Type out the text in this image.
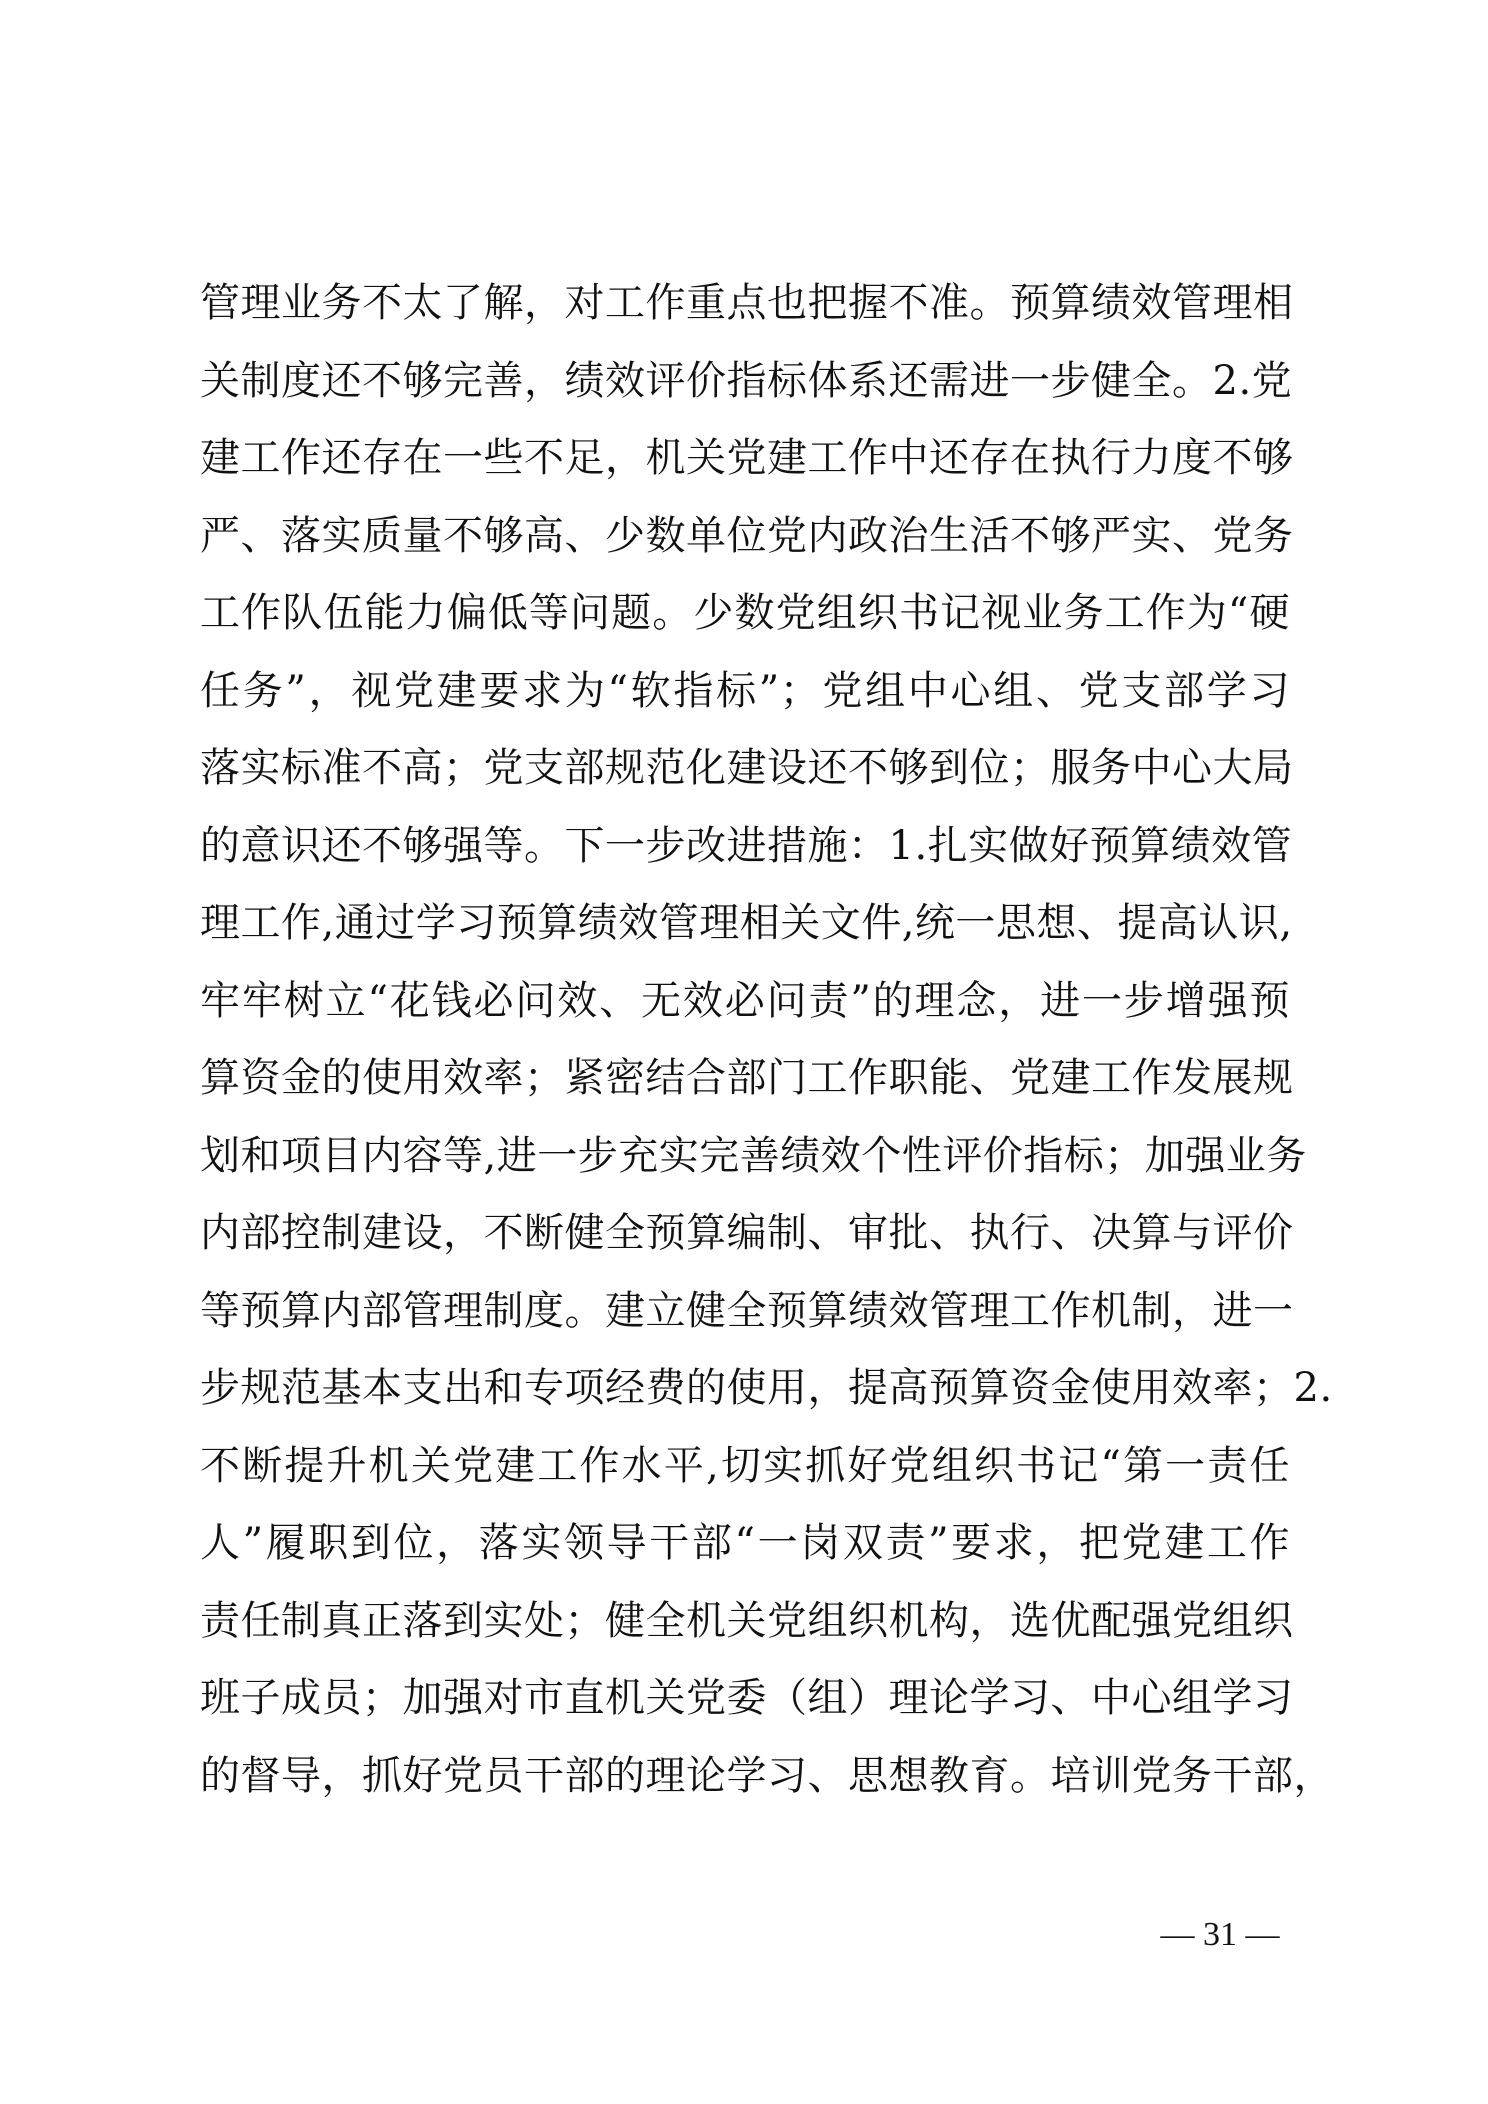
管理业务不太了解，对工作重点也把握不准。预算绩效管理相
关制度还不够完善，绩效评价指标体系还需进一步健全。2.党
建工作还存在一些不足，机关党建工作中还存在执行力度不够
严、落实质量不够高、少数单位党内政治生活不够严实、党务
工作队伍能力偏低等问题。少数党组织书记视业务工作为“硬
任务”，视党建要求为“软指标”；党组中心组、党支部学习
落实标准不高；党支部规范化建设还不够到位；服务中心大局
的意识还不够强等。下一步改进措施：1.扎实做好预算绩效管
理工作,通过学习预算绩效管理相关文件,统一思想、提高认识,
牢牢树立“花钱必问效、无效必问责”的理念，进一步增强预
算资金的使用效率；紧密结合部门工作职能、党建工作发展规
划和项目内容等,进一步充实完善绩效个性评价指标；加强业务
内部控制建设，不断健全预算编制、审批、执行、决算与评价
等预算内部管理制度。建立健全预算绩效管理工作机制，进一
步规范基本支出和专项经费的使用，提高预算资金使用效率；2.
不断提升机关党建工作水平,切实抓好党组织书记“第一责任
人”履职到位，落实领导干部“一岗双责”要求，把党建工作
责任制真正落到实处；健全机关党组织机构，选优配强党组织
班子成员；加强对市直机关党委（组）理论学习、中心组学习
的督导，抓好党员干部的理论学习、思想教育。培训党务干部，
— 31 —
